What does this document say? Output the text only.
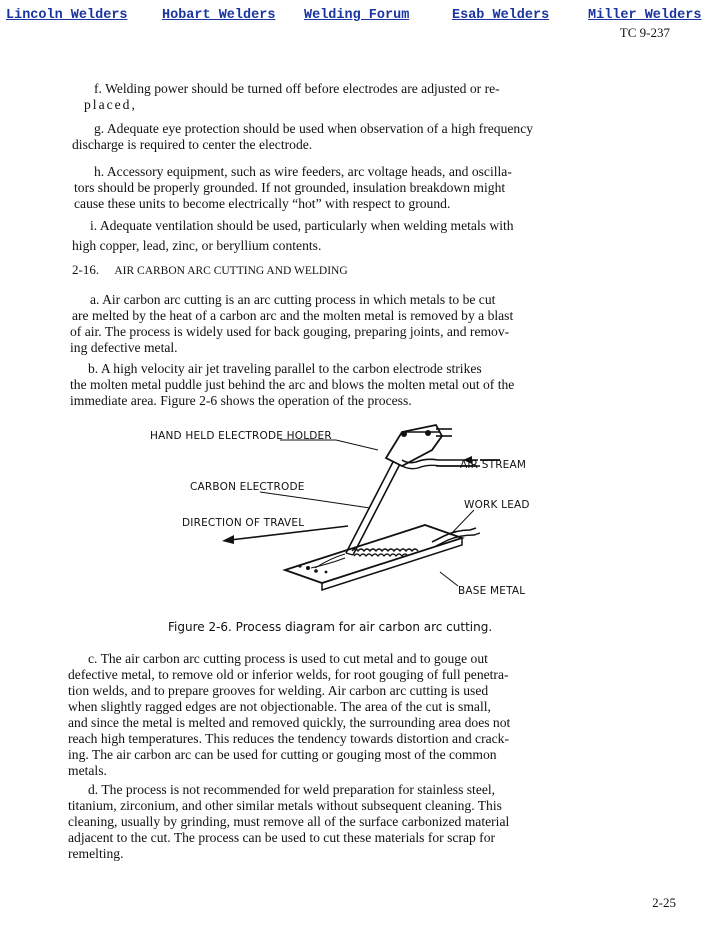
Lincoln Welders	Hobart Welders Welding Forum	Esab Welders	Miller Welders
TC 9-237

f. Welding power should be turned off before electrodes are adjusted or re-
placed,

g. Adequate eye protection should be used when observation of a high frequency
discharge is required to center the electrode.

h. Accessory equipment, such as wire feeders, arc voltage heads, and oscilla-
tors should be properly grounded. If not grounded, insulation breakdown might
cause these units to become electrically “hot” with respect to ground.

i. Adequate ventilation should be used, particularly when welding metals with
high copper, lead, zinc, or beryllium contents.

2-16. AIR CARBON ARC CUTTING AND WELDING

a. Air carbon arc cutting is an arc cutting process in which metals to be cut
are melted by the heat of a carbon arc and the molten metal is removed by a blast
of air. The process is widely used for back gouging, preparing joints, and remov-
ing defective metal.

b. A high velocity air jet traveling parallel to the carbon electrode strikes
the molten metal puddle just behind the arc and blows the molten metal out of the
immediate area. Figure 2-6 shows the operation of the process.

HAND HELD ELECTRODE HOLDER
AIR STREAM
CARBON ELECTRODE
WORK LEAD
DIRECTION OF TRAVEL
BASE METAL
Figure 2-6. Process diagram for air carbon arc cutting.

c. The air carbon arc cutting process is used to cut metal and to gouge out
defective metal, to remove old or inferior welds, for root gouging of full penetra-
tion welds, and to prepare grooves for welding. Air carbon arc cutting is used
when slightly ragged edges are not objectionable. The area of the cut is small,
and since the metal is melted and removed quickly, the surrounding area does not
reach high temperatures. This reduces the tendency towards distortion and crack-
ing. The air carbon arc can be used for cutting or gouging most of the common
metals.

d. The process is not recommended for weld preparation for stainless steel,
titanium, zirconium, and other similar metals without subsequent cleaning. This
cleaning, usually by grinding, must remove all of the surface carbonized material
adjacent to the cut. The process can be used to cut these materials for scrap for
remelting.

2-25
